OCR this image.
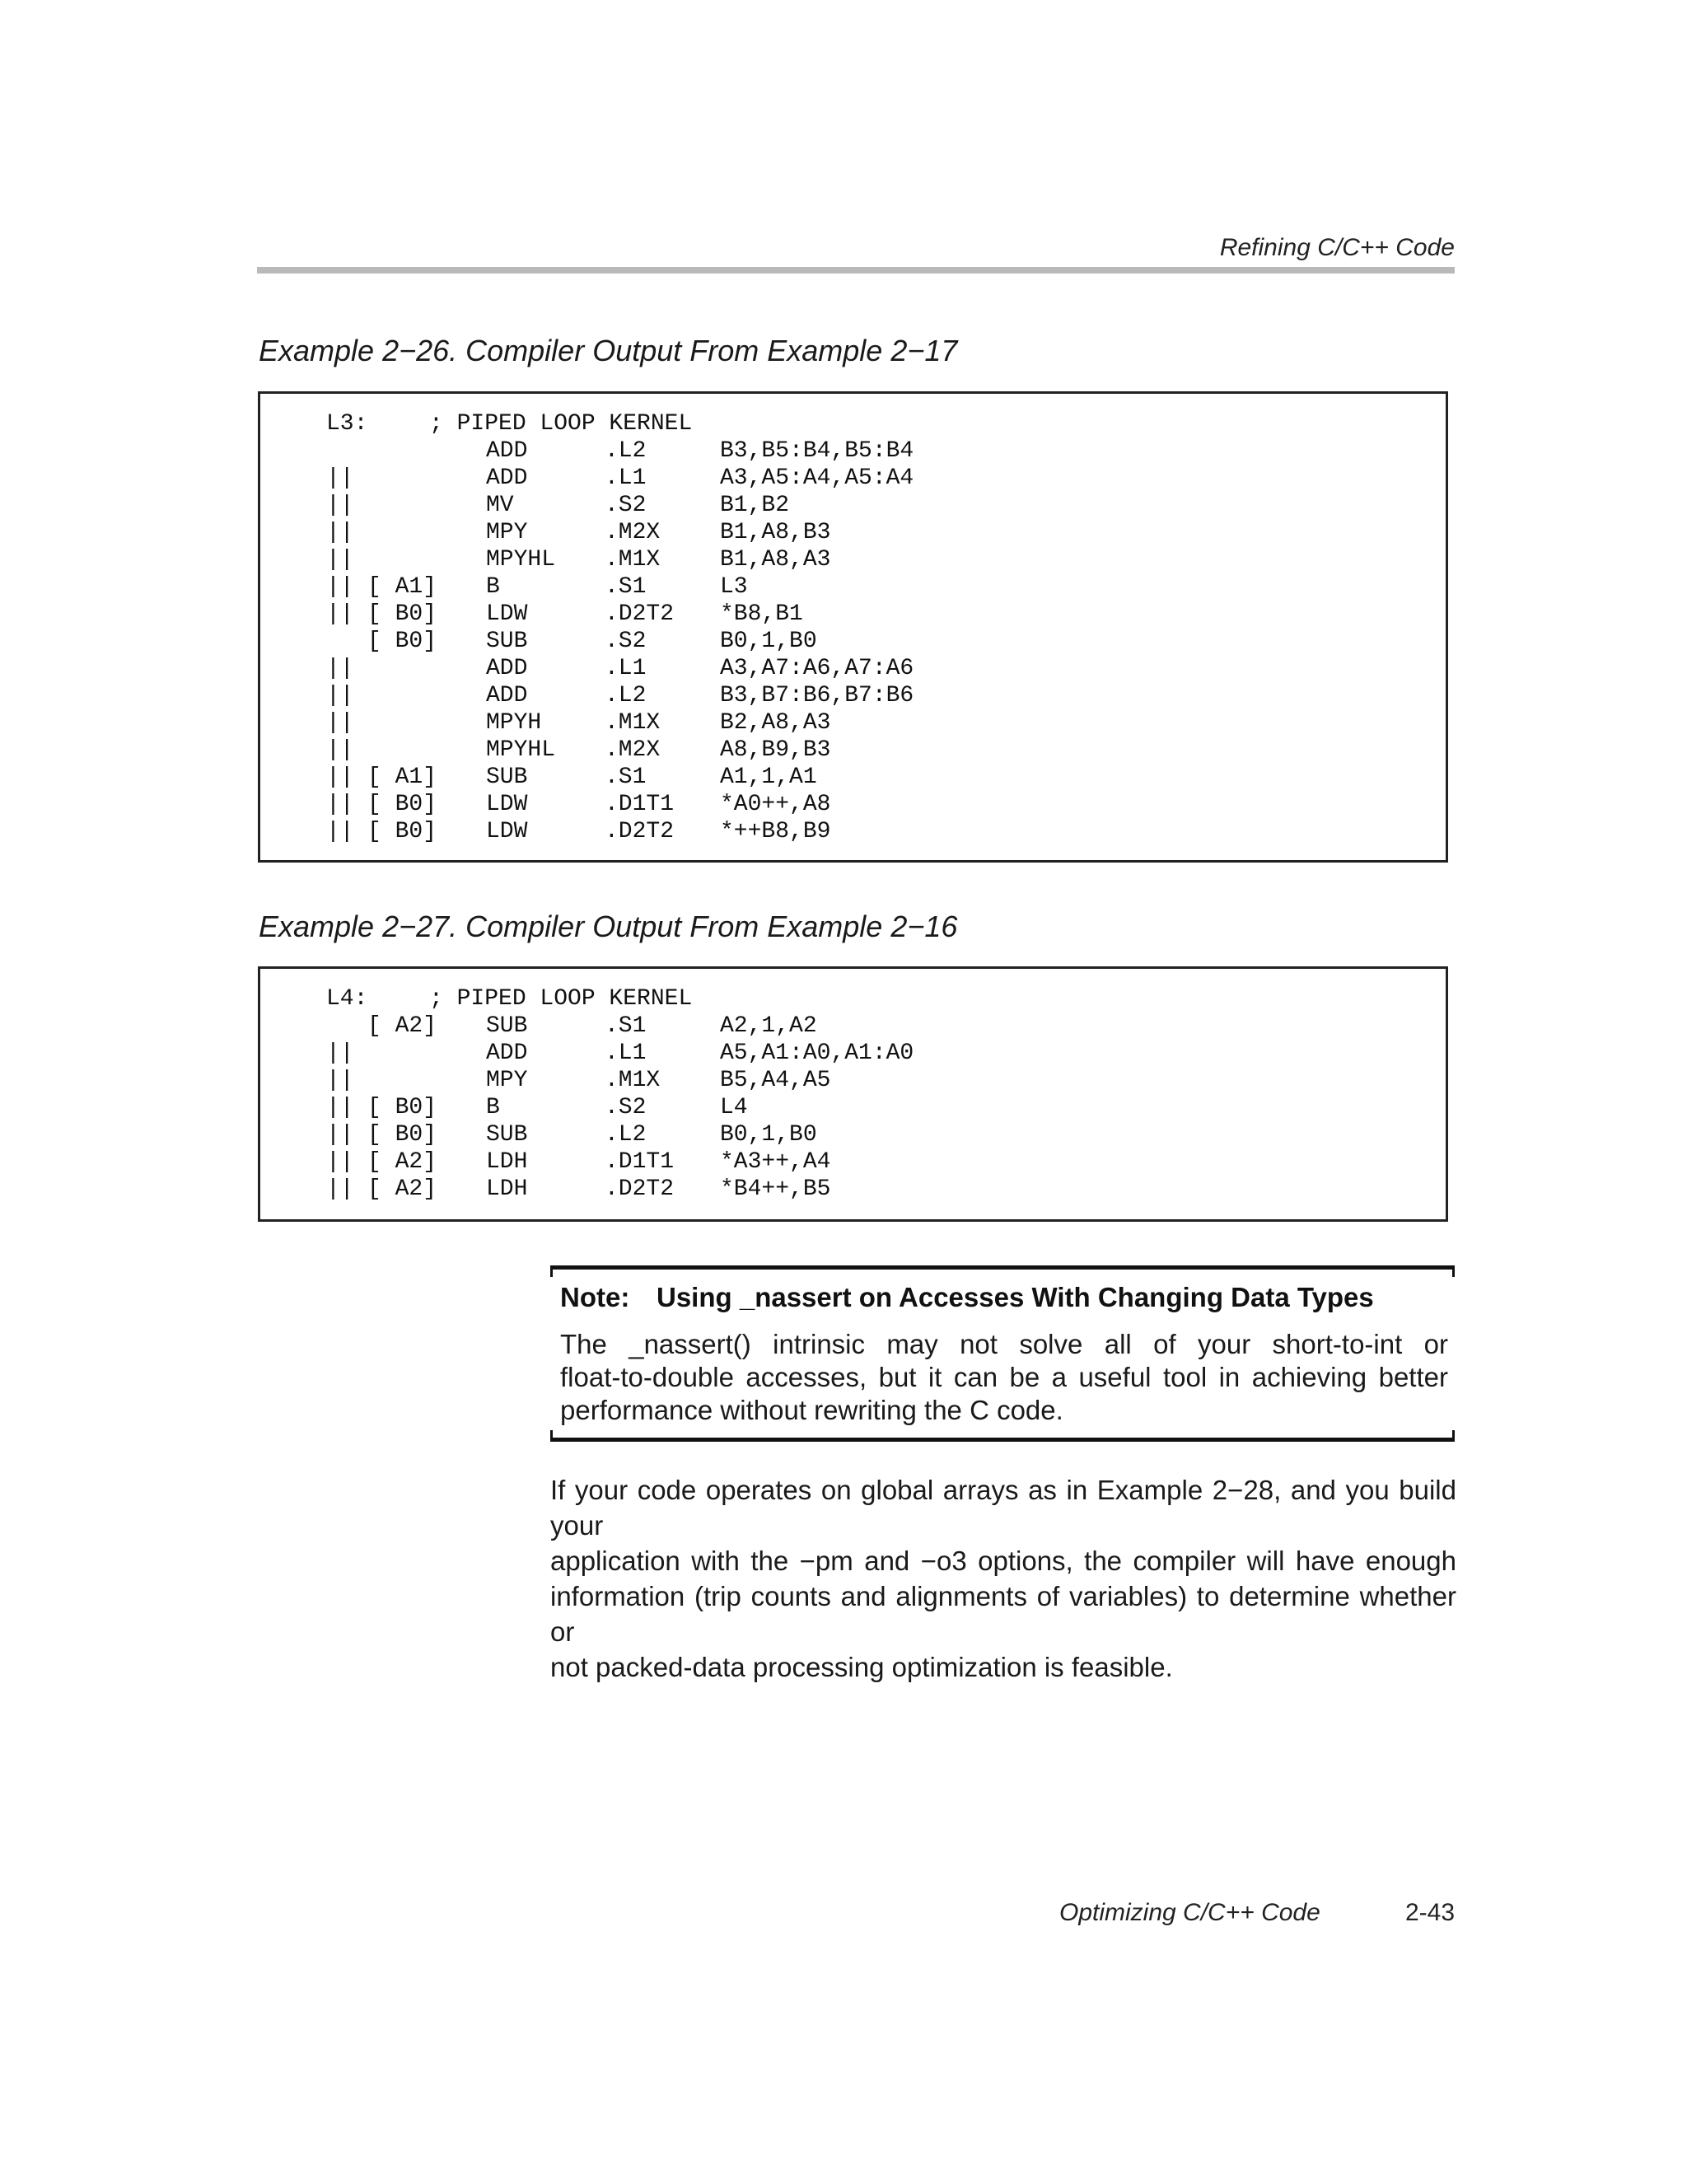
Refining C/C++ Code
Example 2−26. Compiler Output From Example 2−17
L3:	; PIPED LOOP KERNEL
ADD	.L2	B3,B5:B4,B5:B4
||	ADD	.L1	A3,A5:A4,A5:A4
||	MV	.S2	B1,B2
||	MPY	.M2X	B1,A8,B3
||	MPYHL .M1X	B1,A8,A3
|| [ A1] B	.S1	L3
|| [ B0] LDW	.D2T2 *B8,B1
[ B0] SUB	.S2	B0,1,B0
||	ADD	.L1	A3,A7:A6,A7:A6
||	ADD	.L2	B3,B7:B6,B7:B6
||	MPYH	.M1X	B2,A8,A3
||	MPYHL .M2X	A8,B9,B3
|| [ A1] SUB	.S1	A1,1,A1
|| [ B0] LDW	.D1T1 *A0++,A8
|| [ B0] LDW	.D2T2 *++B8,B9
Example 2−27. Compiler Output From Example 2−16
L4:	; PIPED LOOP KERNEL
[ A2] SUB	.S1	A2,1,A2
||	ADD	.L1	A5,A1:A0,A1:A0
||	MPY	.M1X	B5,A4,A5
|| [ B0] B	.S2	L4
|| [ B0] SUB	.L2	B0,1,B0
|| [ A2] LDH	.D1T1 *A3++,A4
|| [ A2] LDH	.D2T2 *B4++,B5
Note: Using _nassert on Accesses With Changing Data Types
The _nassert() intrinsic may not solve all of your short-to-int or
float-to-double accesses, but it can be a useful tool in achieving better
performance without rewriting the C code.
If your code operates on global arrays as in Example 2−28, and you build your
application with the −pm and −o3 options, the compiler will have enough
information (trip counts and alignments of variables) to determine whether or
not packed-data processing optimization is feasible.
Optimizing C/C++ Code	2-43
